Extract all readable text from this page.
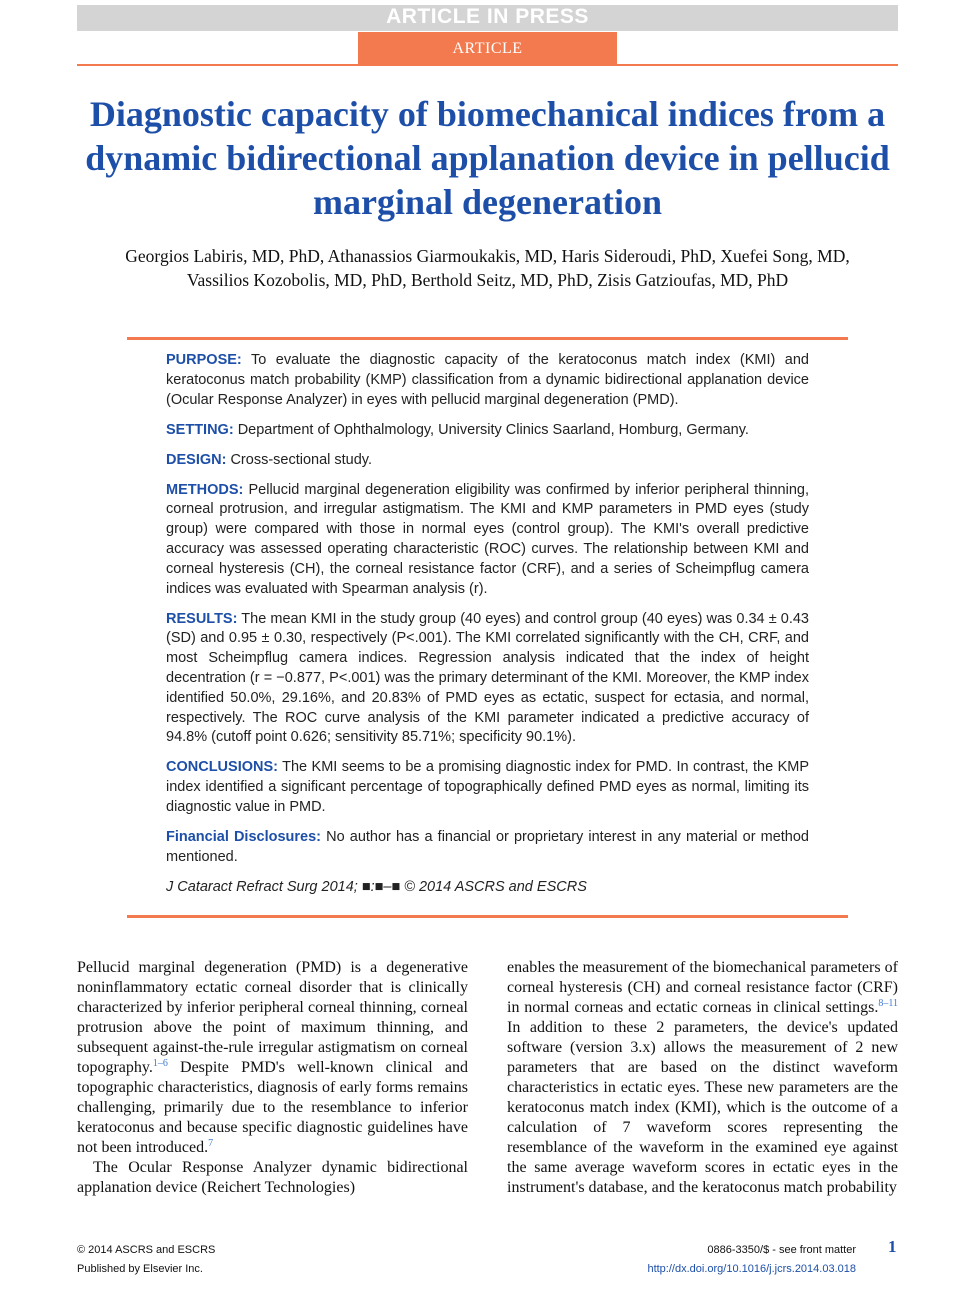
ARTICLE IN PRESS
ARTICLE
Diagnostic capacity of biomechanical indices from a dynamic bidirectional applanation device in pellucid marginal degeneration
Georgios Labiris, MD, PhD, Athanassios Giarmoukakis, MD, Haris Sideroudi, PhD, Xuefei Song, MD,
Vassilios Kozobolis, MD, PhD, Berthold Seitz, MD, PhD, Zisis Gatzioufas, MD, PhD

PURPOSE: To evaluate the diagnostic capacity of the keratoconus match index (KMI) and keratoconus match probability (KMP) classification from a dynamic bidirectional applanation device (Ocular Response Analyzer) in eyes with pellucid marginal degeneration (PMD).

SETTING: Department of Ophthalmology, University Clinics Saarland, Homburg, Germany.

DESIGN: Cross-sectional study.

METHODS: Pellucid marginal degeneration eligibility was confirmed by inferior peripheral thinning, corneal protrusion, and irregular astigmatism. The KMI and KMP parameters in PMD eyes (study group) were compared with those in normal eyes (control group). The KMI's overall predictive accuracy was assessed operating characteristic (ROC) curves. The relationship between KMI and corneal hysteresis (CH), the corneal resistance factor (CRF), and a series of Scheimpflug camera indices was evaluated with Spearman analysis (r).

RESULTS: The mean KMI in the study group (40 eyes) and control group (40 eyes) was 0.34 ± 0.43 (SD) and 0.95 ± 0.30, respectively (P<.001). The KMI correlated significantly with the CH, CRF, and most Scheimpflug camera indices. Regression analysis indicated that the index of height decentration (r = −0.877, P<.001) was the primary determinant of the KMI. Moreover, the KMP index identified 50.0%, 29.16%, and 20.83% of PMD eyes as ectatic, suspect for ectasia, and normal, respectively. The ROC curve analysis of the KMI parameter indicated a predictive accuracy of 94.8% (cutoff point 0.626; sensitivity 85.71%; specificity 90.1%).

CONCLUSIONS: The KMI seems to be a promising diagnostic index for PMD. In contrast, the KMP index identified a significant percentage of topographically defined PMD eyes as normal, limiting its diagnostic value in PMD.

Financial Disclosures: No author has a financial or proprietary interest in any material or method mentioned.

J Cataract Refract Surg 2014; ■:■–■ © 2014 ASCRS and ESCRS

Pellucid marginal degeneration (PMD) is a degenerative noninflammatory ectatic corneal disorder that is clinically characterized by inferior peripheral corneal thinning, corneal protrusion above the point of maximum thinning, and subsequent against-the-rule irregular astigmatism on corneal topography.$^{1-6}$ Despite PMD's well-known clinical and topographic characteristics, diagnosis of early forms remains challenging, primarily due to the resemblance to inferior keratoconus and because specific diagnostic guidelines have not been introduced.$^7$

The Ocular Response Analyzer dynamic bidirectional applanation device (Reichert Technologies)

enables the measurement of the biomechanical parameters of corneal hysteresis (CH) and corneal resistance factor (CRF) in normal corneas and ectatic corneas in clinical settings.$^{8-11}$ In addition to these 2 parameters, the device's updated software (version 3.x) allows the measurement of 2 new parameters that are based on the distinct waveform characteristics in ectatic eyes. These new parameters are the keratoconus match index (KMI), which is the outcome of a calculation of 7 waveform scores representing the resemblance of the waveform in the examined eye against the same average waveform scores in ectatic eyes in the instrument's database, and the keratoconus match probability

© 2014 ASCRS and ESCRS
Published by Elsevier Inc.
0886-3350/$ - see front matter
http://dx.doi.org/10.1016/j.jcrs.2014.03.018
1
